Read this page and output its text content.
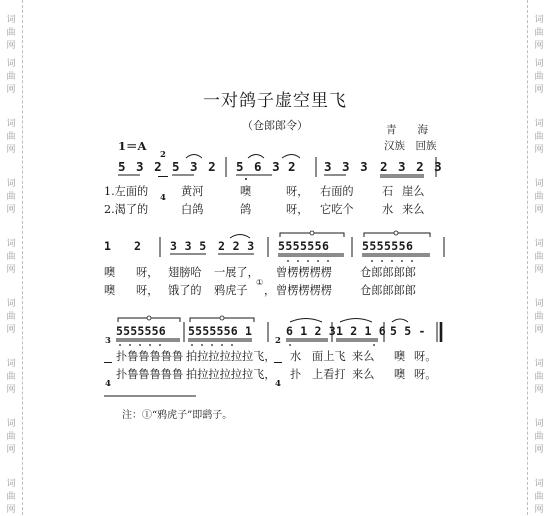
词
曲
网
词
曲
网
词
曲
网
词
曲
网
词
曲
网
词
曲
网
词
曲
网
词
曲
网
词
曲
网
词
曲
网
词
曲
网
词
曲
网
词
曲
网
词
曲
网
词
曲
网
词
曲
网
词
曲
网
词
曲
网
一对鸽子虚空里飞
（仓郎郎令）	青　　海
汉族　回族
1＝A

2

4

5 3 2 5 3 2 5 6 3 2 3 3 3 2 3 2 3
1.左面的	黄河	噢	呀， 右面的	石 崖么
2.渴了的	白鸽	鸽	呀， 它吃个	水 来么
1 2 3 3 5 2 2 3 5555556	5555556
噢 呀， 翅膀哈 一展了， 曾楞楞楞楞	仓郎郎郎郎
噢 呀， 饿了的 鸦虎子
①
， 曾楞楞楞楞	仓郎郎郎郎

3

4

5555556 5555556 1

2

4

6 1 2 3 1 2 1 6 5 5 -
扑鲁鲁鲁鲁鲁 拍拉拉拉拉拉飞， 水 面上飞 来么 噢 呀。
扑鲁鲁鲁鲁鲁 拍拉拉拉拉拉飞， 扑 上看打 来么 噢 呀。
注：①“鸦虎子”即鹞子。
